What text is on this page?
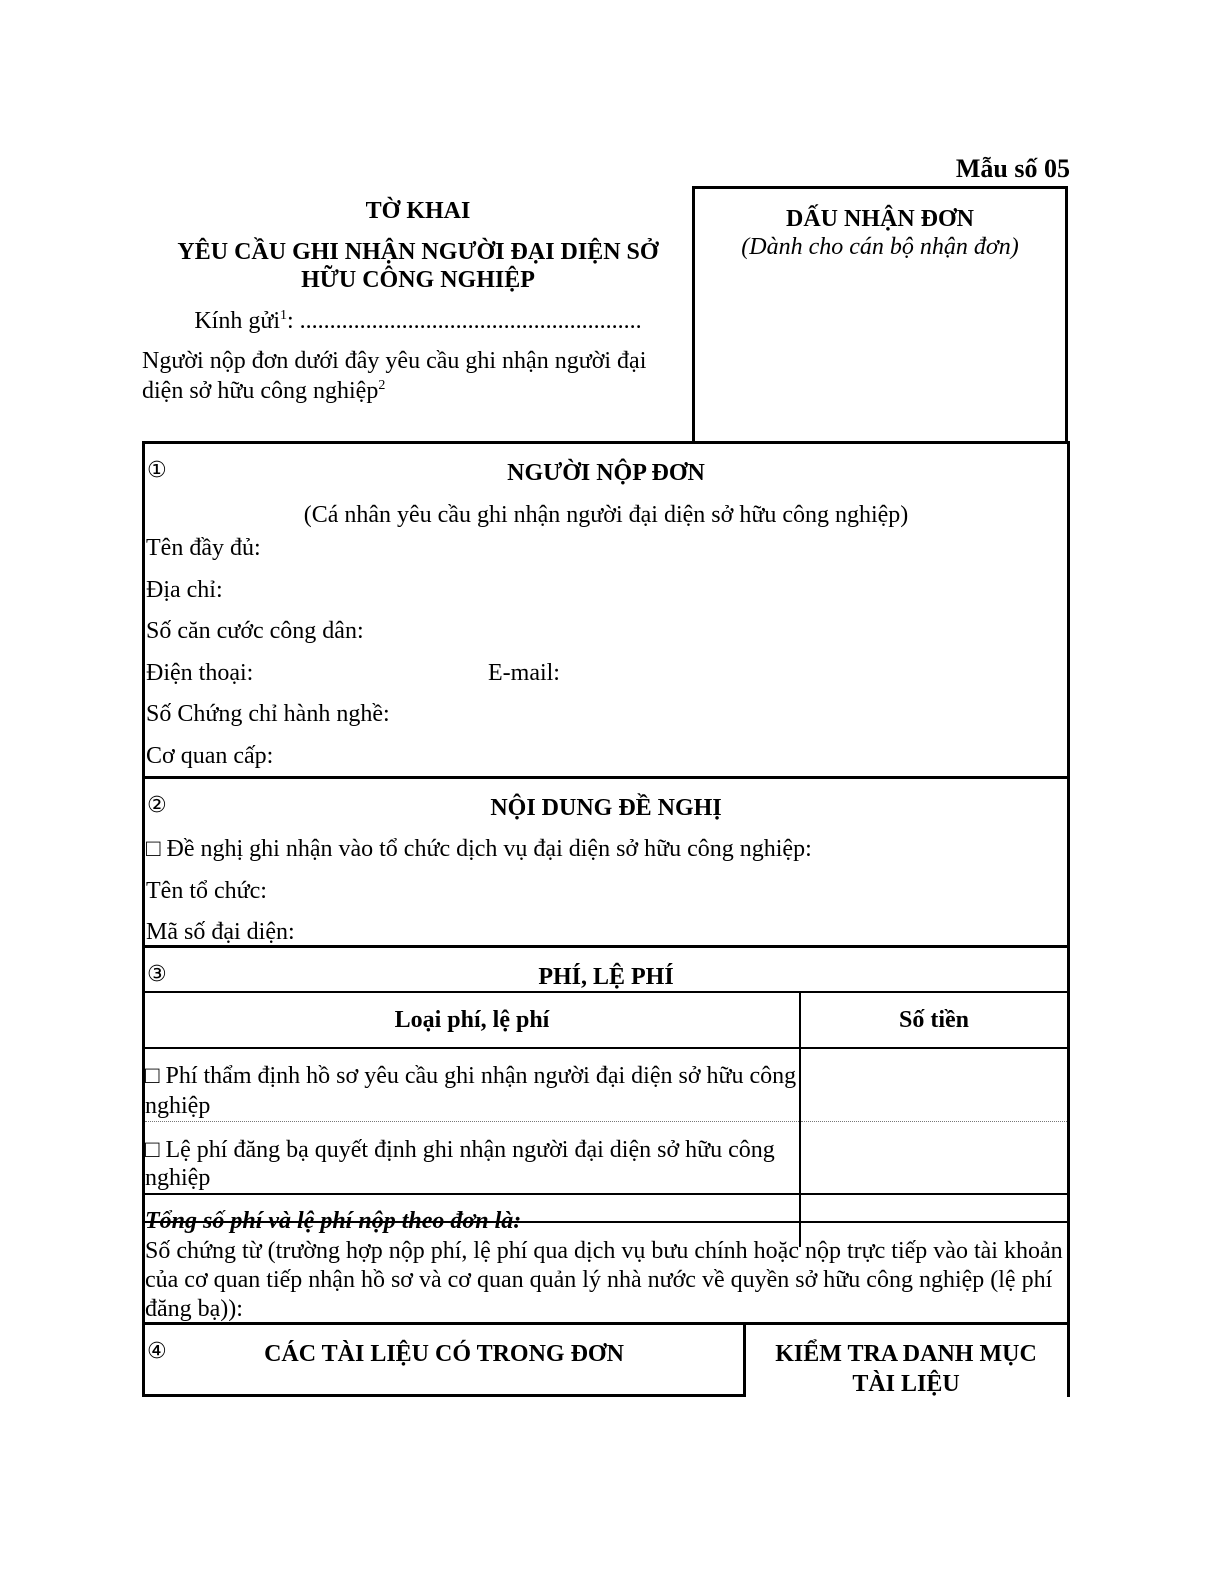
Mẫu số 05
TỜ KHAI
YÊU CẦU GHI NHẬN NGƯỜI ĐẠI DIỆN SỞ HỮU CÔNG NGHIỆP
Kính gửi$^1$: .........................................................
Người nộp đơn dưới đây yêu cầu ghi nhận người đại diện sở hữu công nghiệp$^2$
DẤU NHẬN ĐƠN
(Dành cho cán bộ nhận đơn)
①	NGƯỜI NỘP ĐƠN
(Cá nhân yêu cầu ghi nhận người đại diện sở hữu công nghiệp)
Tên đầy đủ:
Địa chỉ:
Số căn cước công dân:
Điện thoại:	E-mail:
Số Chứng chỉ hành nghề:
Cơ quan cấp:
②	NỘI DUNG ĐỀ NGHỊ
□ Đề nghị ghi nhận vào tổ chức dịch vụ đại diện sở hữu công nghiệp:
Tên tổ chức:
Mã số đại diện:
③	PHÍ, LỆ PHÍ
Loại phí, lệ phí	Số tiền
□ Phí thẩm định hồ sơ yêu cầu ghi nhận người đại diện sở hữu công nghiệp	
□ Lệ phí đăng bạ quyết định ghi nhận người đại diện sở hữu công nghiệp	
Tổng số phí và lệ phí nộp theo đơn là:	
Số chứng từ (trường hợp nộp phí, lệ phí qua dịch vụ bưu chính hoặc nộp trực tiếp vào tài khoản của cơ quan tiếp nhận hồ sơ và cơ quan quản lý nhà nước về quyền sở hữu công nghiệp (lệ phí đăng bạ)):
④	CÁC TÀI LIỆU CÓ TRONG ĐƠN	KIỂM TRA DANH MỤC TÀI LIỆU
